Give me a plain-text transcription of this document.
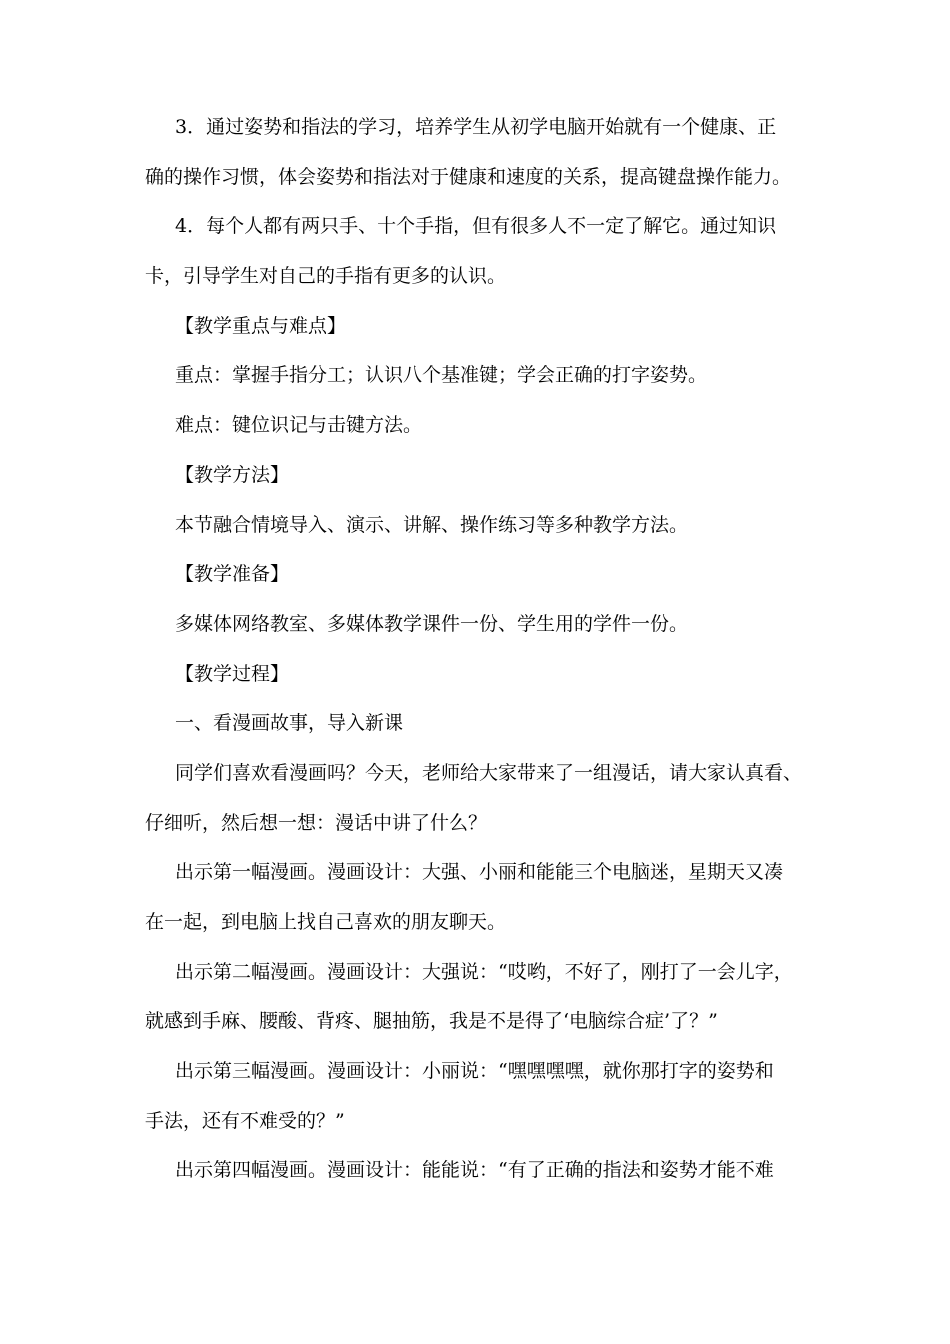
3．通过姿势和指法的学习，培养学生从初学电脑开始就有一个健康、正
确的操作习惯，体会姿势和指法对于健康和速度的关系，提高键盘操作能力。
4．每个人都有两只手、十个手指，但有很多人不一定了解它。通过知识
卡，引导学生对自己的手指有更多的认识。
【教学重点与难点】
重点：掌握手指分工；认识八个基准键；学会正确的打字姿势。
难点：键位识记与击键方法。
【教学方法】
本节融合情境导入、演示、讲解、操作练习等多种教学方法。
【教学准备】
多媒体网络教室、多媒体教学课件一份、学生用的学件一份。
【教学过程】
一、看漫画故事，导入新课
同学们喜欢看漫画吗？今天，老师给大家带来了一组漫话，请大家认真看、
仔细听，然后想一想：漫话中讲了什么？
出示第一幅漫画。漫画设计：大强、小丽和能能三个电脑迷，星期天又凑
在一起，到电脑上找自己喜欢的朋友聊天。
出示第二幅漫画。漫画设计：大强说：“哎哟，不好了，刚打了一会儿字，
就感到手麻、腰酸、背疼、腿抽筋，我是不是得了‘电脑综合症’了？”
出示第三幅漫画。漫画设计：小丽说：“嘿嘿嘿嘿，就你那打字的姿势和
手法，还有不难受的？”
出示第四幅漫画。漫画设计：能能说：“有了正确的指法和姿势才能不难
